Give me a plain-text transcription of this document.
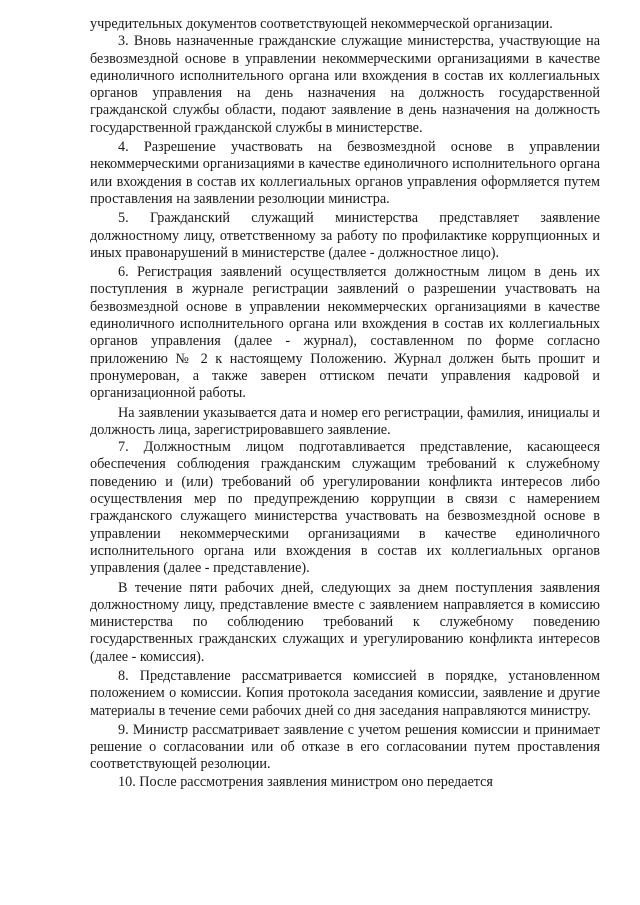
учредительных документов соответствующей некоммерческой организации.

3. Вновь назначенные гражданские служащие министерства, участвующие на безвозмездной основе в управлении некоммерческими организациями в качестве единоличного исполнительного органа или вхождения в состав их коллегиальных органов управления на день назначения на должность государственной гражданской службы области, подают заявление в день назначения на должность государственной гражданской службы в министерстве.

4. Разрешение участвовать на безвозмездной основе в управлении некоммерческими организациями в качестве единоличного исполнительного органа или вхождения в состав их коллегиальных органов управления оформляется путем проставления на заявлении резолюции министра.

5. Гражданский служащий министерства представляет заявление должностному лицу, ответственному за работу по профилактике коррупционных и иных правонарушений в министерстве (далее - должностное лицо).

6. Регистрация заявлений осуществляется должностным лицом в день их поступления в журнале регистрации заявлений о разрешении участвовать на безвозмездной основе в управлении некоммерческих организациями в качестве единоличного исполнительного органа или вхождения в состав их коллегиальных органов управления (далее - журнал), составленном по форме согласно приложению № 2 к настоящему Положению. Журнал должен быть прошит и пронумерован, а также заверен оттиском печати управления кадровой и организационной работы.

На заявлении указывается дата и номер его регистрации, фамилия, инициалы и должность лица, зарегистрировавшего заявление.

7. Должностным лицом подготавливается представление, касающееся обеспечения соблюдения гражданским служащим требований к служебному поведению и (или) требований об урегулировании конфликта интересов либо осуществления мер по предупреждению коррупции в связи с намерением гражданского служащего министерства участвовать на безвозмездной основе в управлении некоммерческими организациями в качестве единоличного исполнительного органа или вхождения в состав их коллегиальных органов управления (далее - представление).

В течение пяти рабочих дней, следующих за днем поступления заявления должностному лицу, представление вместе с заявлением направляется в комиссию министерства по соблюдению требований к служебному поведению государственных гражданских служащих и урегулированию конфликта интересов (далее - комиссия).

8. Представление рассматривается комиссией в порядке, установленном положением о комиссии. Копия протокола заседания комиссии, заявление и другие материалы в течение семи рабочих дней со дня заседания направляются министру.

9. Министр рассматривает заявление с учетом решения комиссии и принимает решение о согласовании или об отказе в его согласовании путем проставления соответствующей резолюции.

10. После рассмотрения заявления министром оно передается
